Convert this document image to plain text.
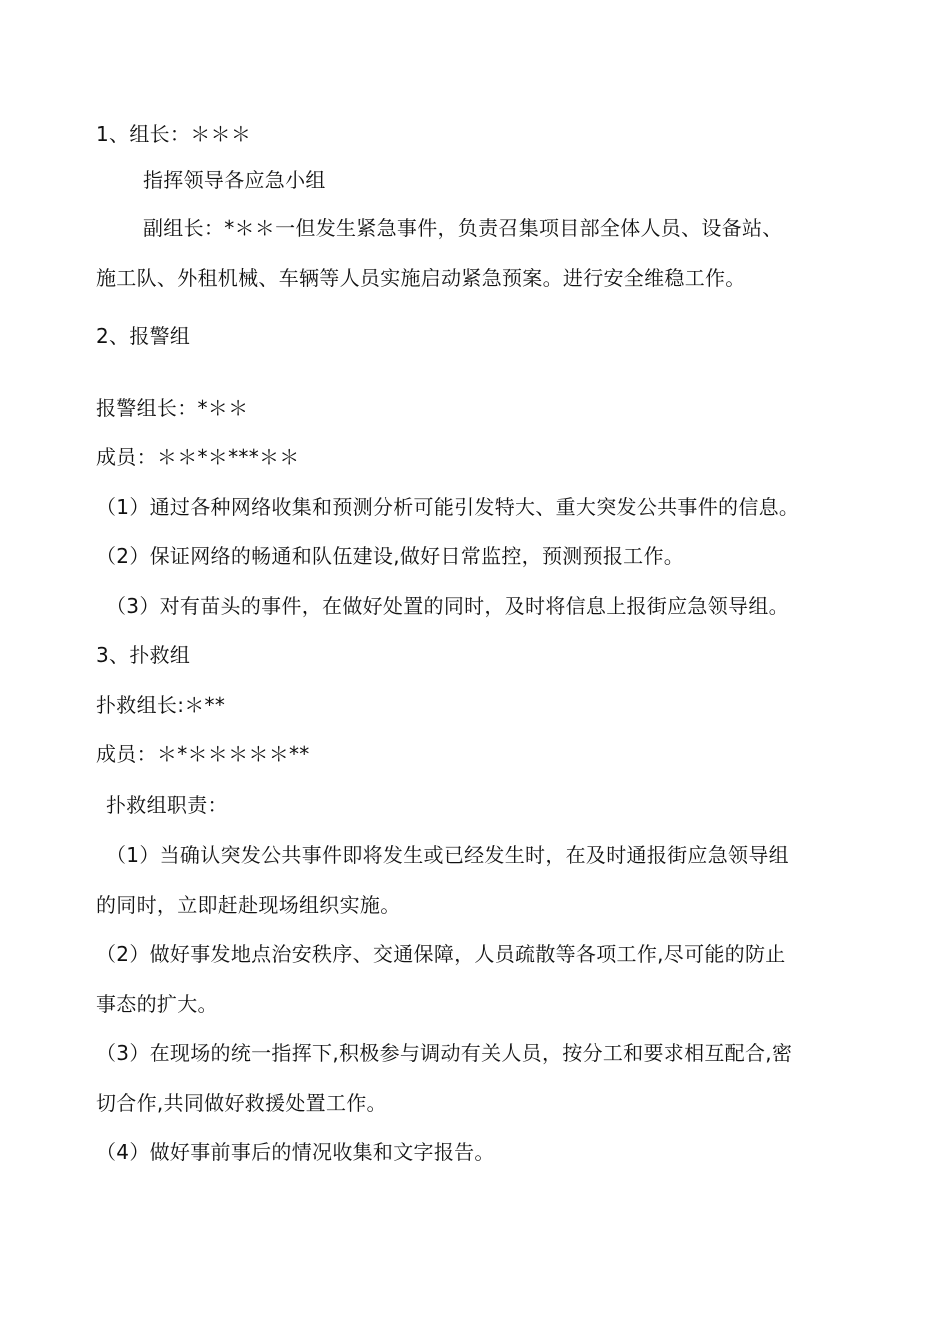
1、组长：＊＊＊
指挥领导各应急小组
副组长：*＊＊一但发生紧急事件，负责召集项目部全体人员、设备站、
施工队、外租机械、车辆等人员实施启动紧急预案。进行安全维稳工作。
2、报警组
报警组长：*＊＊
成员：＊＊*＊***＊＊
（1）通过各种网络收集和预测分析可能引发特大、重大突发公共事件的信息。
（2）保证网络的畅通和队伍建设,做好日常监控，预测预报工作。
（3）对有苗头的事件，在做好处置的同时，及时将信息上报街应急领导组。
3、扑救组
扑救组长:＊**
成员：＊*＊＊＊＊＊**
扑救组职责：
（1）当确认突发公共事件即将发生或已经发生时，在及时通报街应急领导组
的同时，立即赶赴现场组织实施。
（2）做好事发地点治安秩序、交通保障，人员疏散等各项工作,尽可能的防止
事态的扩大。
（3）在现场的统一指挥下,积极参与调动有关人员，按分工和要求相互配合,密
切合作,共同做好救援处置工作。
（4）做好事前事后的情况收集和文字报告。
